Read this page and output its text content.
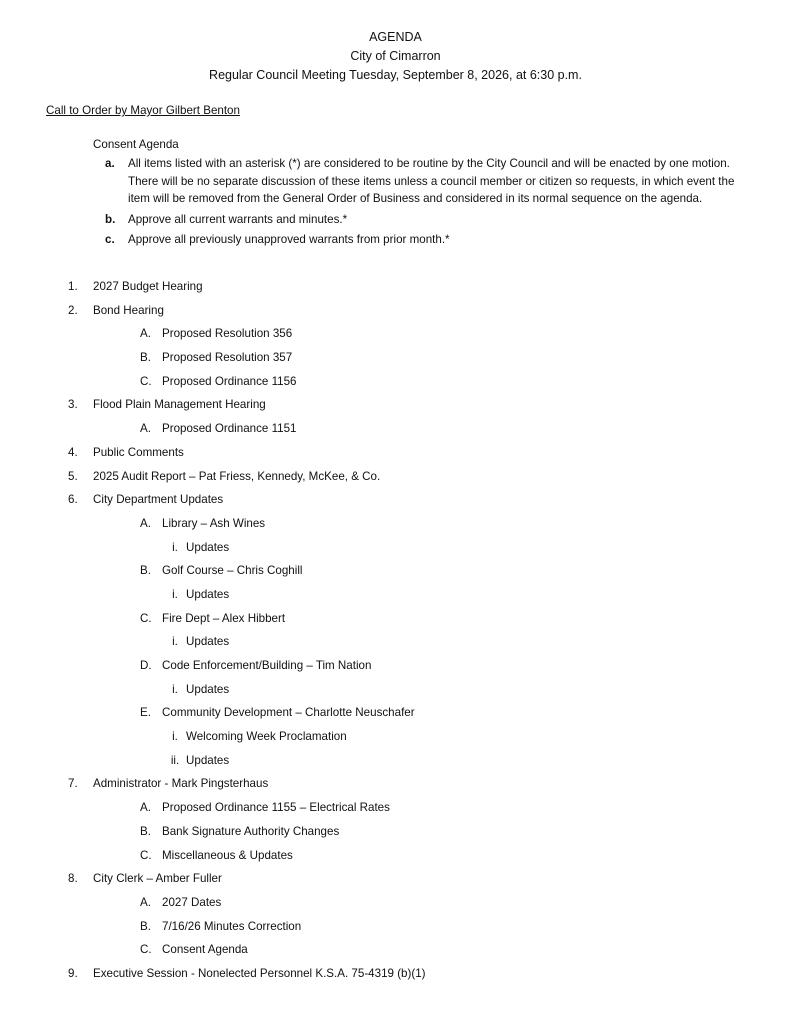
AGENDA
City of Cimarron
Regular Council Meeting Tuesday, September 8, 2026, at 6:30 p.m.
Call to Order by Mayor Gilbert Benton
Consent Agenda
a.	All items listed with an asterisk (*) are considered to be routine by the City Council and will be enacted by one motion. There will be no separate discussion of these items unless a council member or citizen so requests, in which event the item will be removed from the General Order of Business and considered in its normal sequence on the agenda.
b.	Approve all current warrants and minutes.*
c.	Approve all previously unapproved warrants from prior month.*
1.	2027 Budget Hearing
2.	Bond Hearing
A. Proposed Resolution 356
B. Proposed Resolution 357
C. Proposed Ordinance 1156
3.	Flood Plain Management Hearing
A. Proposed Ordinance 1151
4.	Public Comments
5.	2025 Audit Report – Pat Friess, Kennedy, McKee, & Co.
6.	City Department Updates
A. Library – Ash Wines
i. Updates
B. Golf Course – Chris Coghill
i. Updates
C. Fire Dept – Alex Hibbert
i. Updates
D. Code Enforcement/Building – Tim Nation
i. Updates
E. Community Development – Charlotte Neuschafer
i. Welcoming Week Proclamation
ii. Updates
7.	Administrator - Mark Pingsterhaus
A. Proposed Ordinance 1155 – Electrical Rates
B. Bank Signature Authority Changes
C. Miscellaneous & Updates
8.	City Clerk – Amber Fuller
A. 2027 Dates
B. 7/16/26 Minutes Correction
C. Consent Agenda
9.	Executive Session - Nonelected Personnel K.S.A. 75-4319 (b)(1)
